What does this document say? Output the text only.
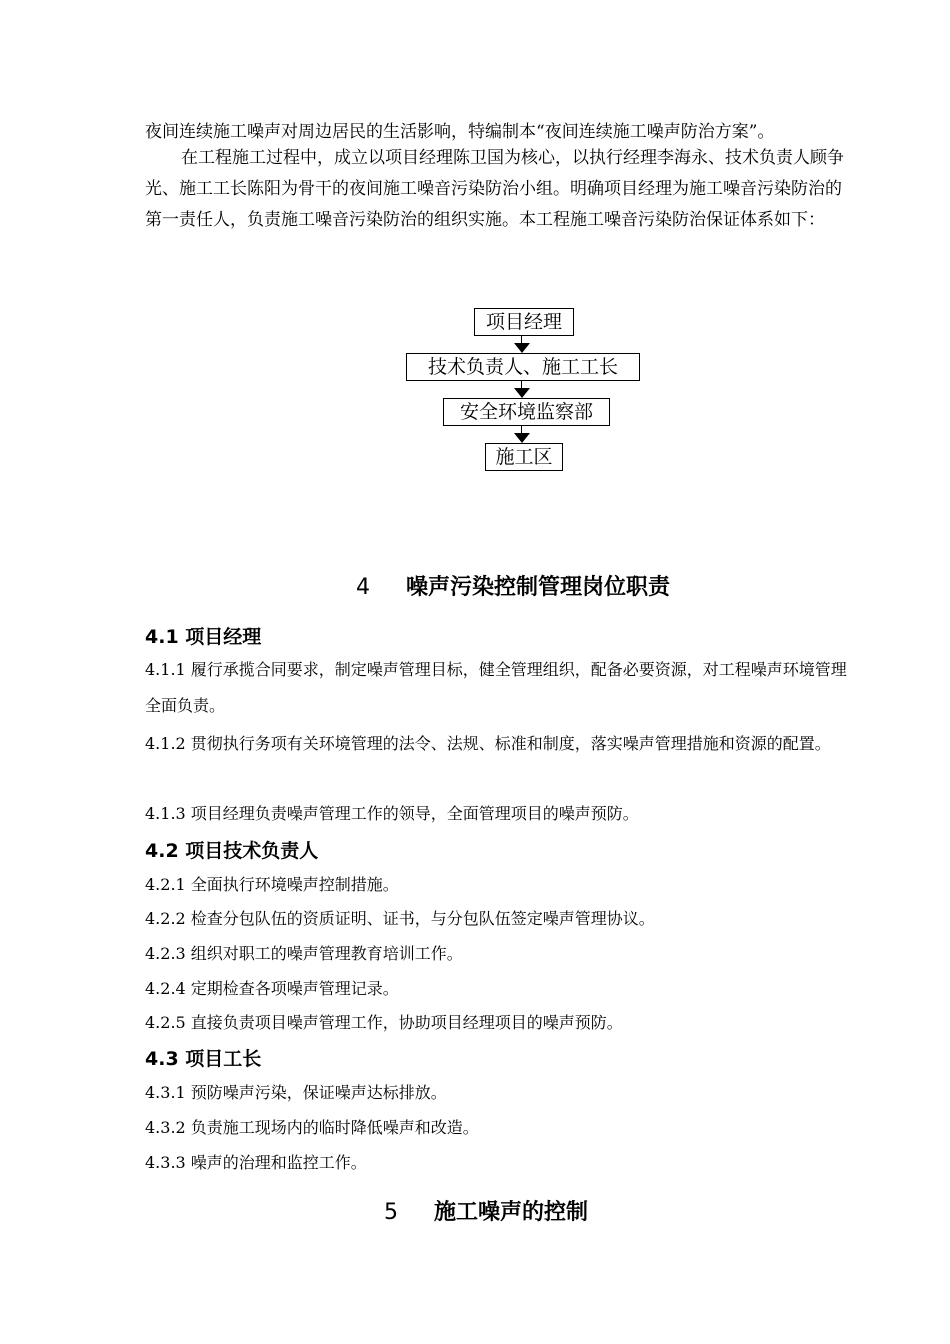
夜间连续施工噪声对周边居民的生活影响，特编制本“夜间连续施工噪声防治方案”。

在工程施工过程中，成立以项目经理陈卫国为核心，以执行经理李海永、技术负责人顾争光、施工工长陈阳为骨干的夜间施工噪音污染防治小组。明确项目经理为施工噪音污染防治的第一责任人，负责施工噪音污染防治的组织实施。本工程施工噪音污染防治保证体系如下：

项目经理
技术负责人、施工工长
安全环境监察部
施工区
4 噪声污染控制管理岗位职责
4.1 项目经理

4.1.1 履行承揽合同要求，制定噪声管理目标，健全管理组织，配备必要资源，对工程噪声环境管理全面负责。

4.1.2 贯彻执行务项有关环境管理的法令、法规、标准和制度，落实噪声管理措施和资源的配置。

4.1.3 项目经理负责噪声管理工作的领导，全面管理项目的噪声预防。

4.2 项目技术负责人

4.2.1 全面执行环境噪声控制措施。

4.2.2 检查分包队伍的资质证明、证书，与分包队伍签定噪声管理协议。

4.2.3 组织对职工的噪声管理教育培训工作。

4.2.4 定期检查各项噪声管理记录。

4.2.5 直接负责项目噪声管理工作，协助项目经理项目的噪声预防。

4.3 项目工长

4.3.1 预防噪声污染，保证噪声达标排放。

4.3.2 负责施工现场内的临时降低噪声和改造。

4.3.3 噪声的治理和监控工作。

5 施工噪声的控制
